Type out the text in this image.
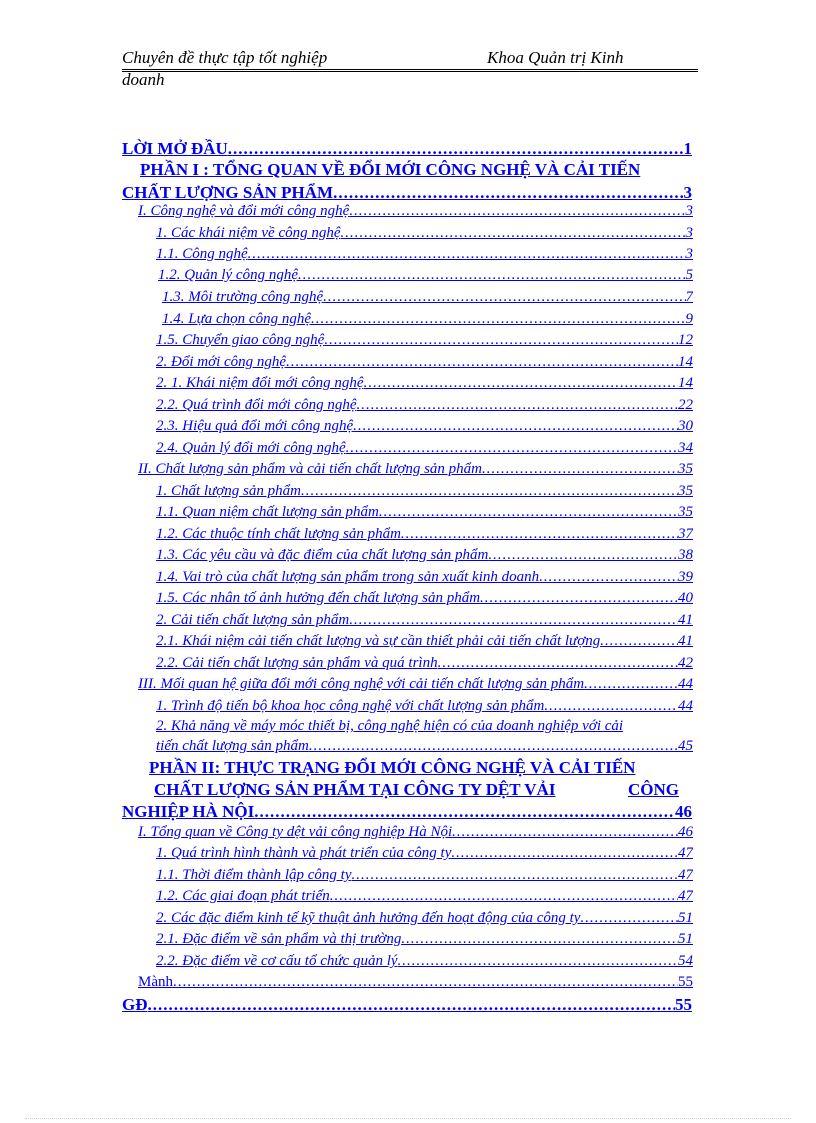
Chuyên đề thực tập tốt nghiệp	Khoa Quản trị Kinh
doanh
LỜI MỞ ĐẦU .....	1
PHẦN I : TỔNG QUAN VỀ ĐỔI MỚI CÔNG NGHỆ VÀ CẢI TIẾN
CHẤT LƯỢNG SẢN PHẨM .....	3
I. Công nghệ và đổi mới công nghệ .....	3
1. Các khái niệm về công nghệ .....	3
1.1. Công nghệ .....	3
1.2. Quản lý công nghệ .....	5
1.3. Môi trường công nghệ .....	7
1.4. Lựa chọn công nghệ .....	9
1.5. Chuyển giao công nghệ .....	12
2. Đổi mới công nghệ .....	14
2. 1. Khái niệm đổi mới công nghệ .....	14
2.2. Quá trình đổi mới công nghệ .....	22
2.3. Hiệu quả đổi mới công nghệ .....	30
2.4. Quản lý đổi mới công nghệ .....	34
II. Chất lượng sản phẩm và cải tiến chất lượng sản phẩm .....	35
1. Chất lượng sản phẩm .....	35
1.1. Quan niệm chất lượng sản phẩm .....	35
1.2. Các thuộc tính chất lượng sản phẩm .....	37
1.3. Các yêu cầu và đặc điểm của chất lượng sản phẩm .....	38
1.4. Vai trò của chất lượng sản phẩm trong sản xuất kinh doanh .....	39
1.5. Các nhân tố ảnh hưởng đến chất lượng sản phẩm .....	40
2. Cải tiến chất lượng sản phẩm .....	41
2.1. Khái niệm cải tiến chất lượng và sự cần thiết phải cải tiến chất lượng .....	41
2.2. Cải tiến chất lượng sản phẩm và quá trình .....	42
III. Mối quan hệ giữa đổi mới công nghệ với cải tiến chất lượng sản phẩm .....	44
1. Trình độ tiến bộ khoa học công nghệ với chất lượng sản phẩm .....	44
2. Khả năng về máy móc thiết bị, công nghệ hiện có của doanh nghiệp với cải
tiến chất lượng sản phẩm .....	45
PHẦN II: THỰC TRẠNG ĐỔI MỚI CÔNG NGHỆ VÀ CẢI TIẾN
CHẤT LƯỢNG SẢN PHẨM TẠI CÔNG TY DỆT VẢI	CÔNG
NGHIỆP HÀ NỘI .....	46
I. Tổng quan về Công ty dệt vải công nghiệp Hà Nội .....	46
1. Quá trình hình thành và phát triển của công ty .....	47
1.1. Thời điểm thành lập công ty .....	47
1.2. Các giai đoạn phát triển .....	47
2. Các đặc điểm kinh tế kỹ thuật ảnh hưởng đến hoạt động của công ty .....	51
2.1. Đặc điểm về sản phẩm và thị trường .....	51
2.2. Đặc điểm về cơ cấu tổ chức quản lý .....	54
Mành .....	55
GĐ .....	55
